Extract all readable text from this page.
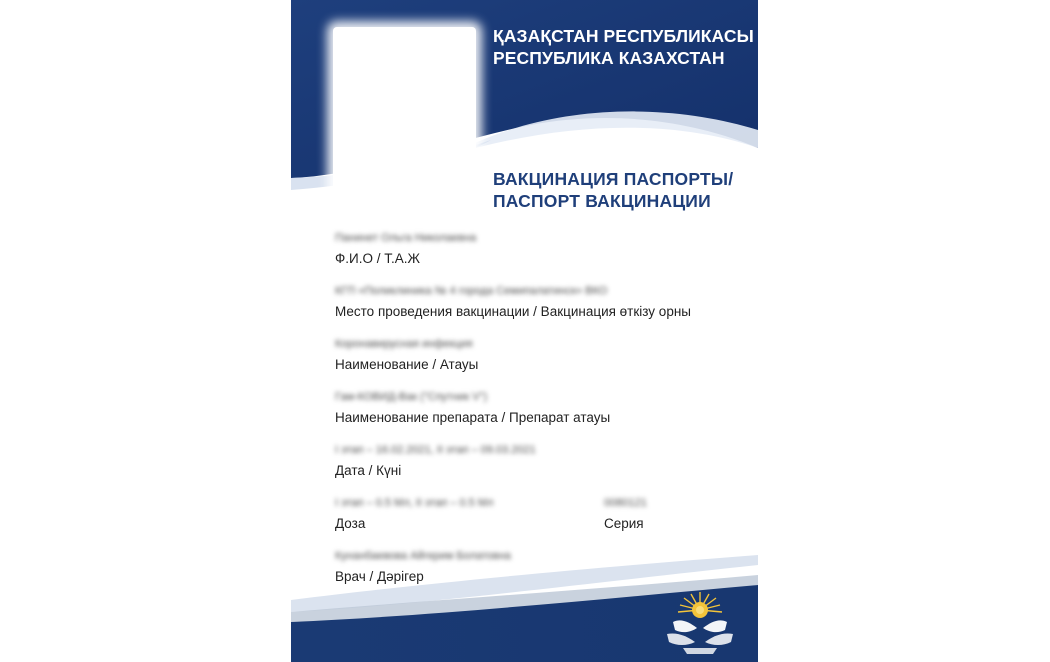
ҚАЗАҚСТАН РЕСПУБЛИКАСЫ
РЕСПУБЛИКА КАЗАХСТАН
ВАКЦИНАЦИЯ ПАСПОРТЫ/
ПАСПОРТ ВАКЦИНАЦИИ
Панинет Ольга Николаевна
Ф.И.О / Т.А.Ж
КГП «Поликлиника № 4 города Семипалатинск» ВКО
Место проведения вакцинации / Вакцинация өткізу орны
Коронавирусная инфекция
Наименование / Атауы
Гам-КОВИД-Вак ("Спутник V")
Наименование препарата / Препарат атауы
I этап – 16.02.2021, II этап – 09.03.2021
Дата / Күні
I этап – 0.5 Мл, II этап – 0.5 Мл
Доза
0080121
Серия
Кунанбаевова Айгерим Болатовна
Врач / Дәрігер
